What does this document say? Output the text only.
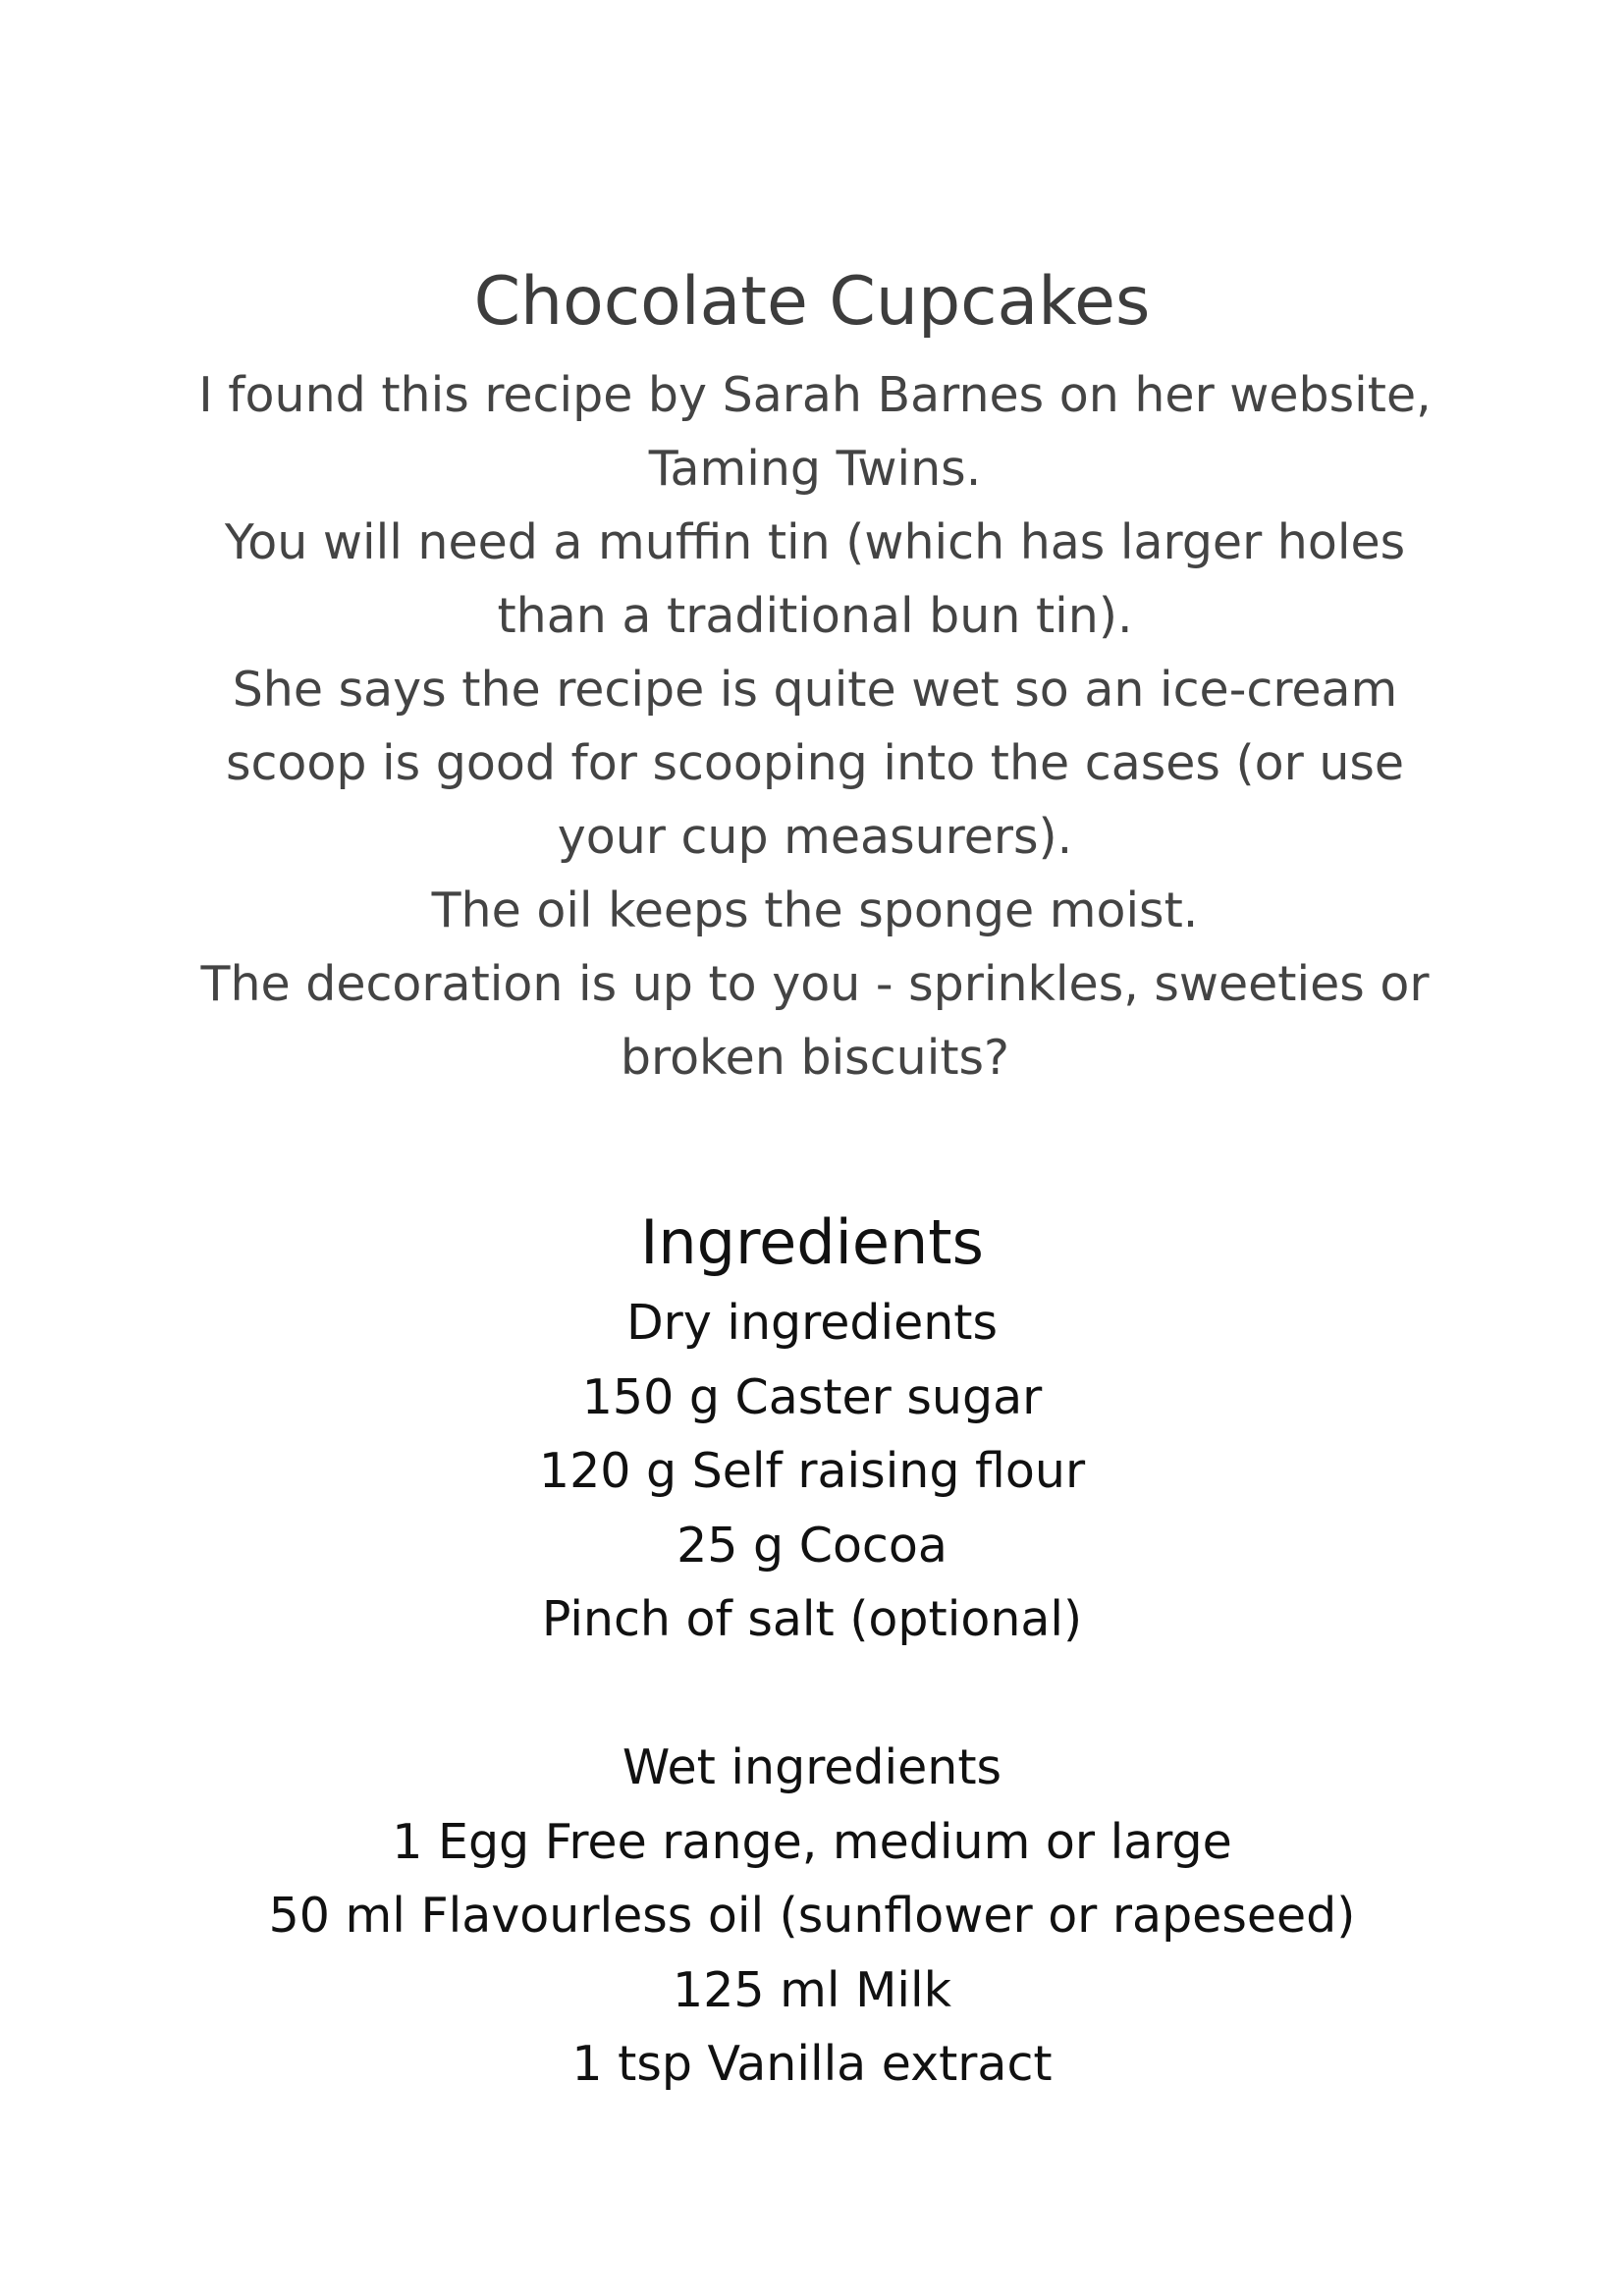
Chocolate Cupcakes

I found this recipe by Sarah Barnes on her website,

Taming Twins.

You will need a muffin tin (which has larger holes

than a traditional bun tin).

She says the recipe is quite wet so an ice-cream

scoop is good for scooping into the cases (or use

your cup measurers).

The oil keeps the sponge moist.

The decoration is up to you - sprinkles, sweeties or

broken biscuits?

Ingredients

Dry ingredients

150 g Caster sugar

120 g Self raising flour

25 g Cocoa

Pinch of salt (optional)

Wet ingredients

1 Egg Free range, medium or large

50 ml Flavourless oil (sunflower or rapeseed)

125 ml Milk

1 tsp Vanilla extract
